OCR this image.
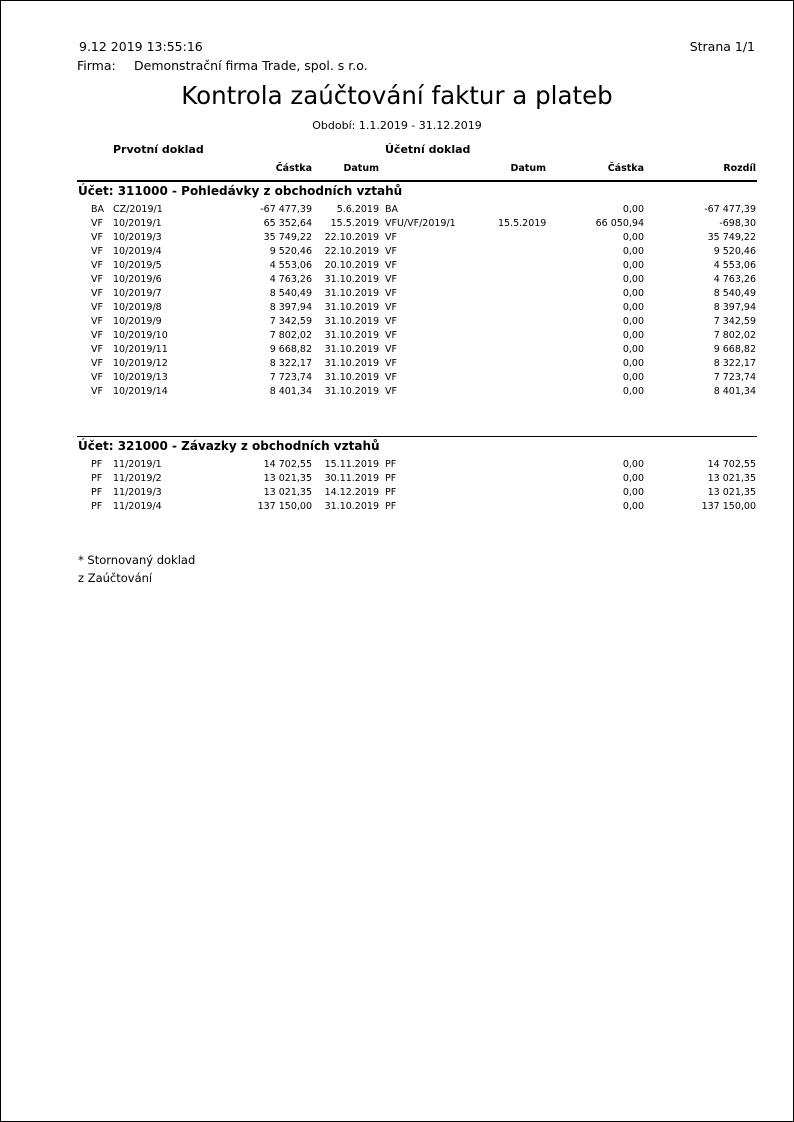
9.12 2019 13:55:16	Strana 1/1
Firma: Demonstrační firma Trade, spol. s r.o.
Kontrola zaúčtování faktur a plateb
Období: 1.1.2019 - 31.12.2019
Prvotní doklad	Účetní doklad
Částka	Datum	Datum	Částka	Rozdíl
Účet: 311000 - Pohledávky z obchodních vztahů
BA CZ/2019/1	-67 477,39	5.6.2019 BA	0,00	-67 477,39
VF 10/2019/1	65 352,64 15.5.2019 VFU/VF/2019/1	15.5.2019	66 050,94	-698,30
VF 10/2019/3	35 749,22 22.10.2019 VF	0,00	35 749,22
VF 10/2019/4	9 520,46 22.10.2019 VF	0,00	9 520,46
VF 10/2019/5	4 553,06 20.10.2019 VF	0,00	4 553,06
VF 10/2019/6	4 763,26 31.10.2019 VF	0,00	4 763,26
VF 10/2019/7	8 540,49 31.10.2019 VF	0,00	8 540,49
VF 10/2019/8	8 397,94 31.10.2019 VF	0,00	8 397,94
VF 10/2019/9	7 342,59 31.10.2019 VF	0,00	7 342,59
VF 10/2019/10	7 802,02 31.10.2019 VF	0,00	7 802,02
VF 10/2019/11	9 668,82 31.10.2019 VF	0,00	9 668,82
VF 10/2019/12	8 322,17 31.10.2019 VF	0,00	8 322,17
VF 10/2019/13	7 723,74 31.10.2019 VF	0,00	7 723,74
VF 10/2019/14	8 401,34 31.10.2019 VF	0,00	8 401,34
Účet: 321000 - Závazky z obchodních vztahů
PF 11/2019/1	14 702,55 15.11.2019 PF	0,00	14 702,55
PF 11/2019/2	13 021,35 30.11.2019 PF	0,00	13 021,35
PF 11/2019/3	13 021,35 14.12.2019 PF	0,00	13 021,35
PF 11/2019/4	137 150,00 31.10.2019 PF	0,00	137 150,00
* Stornovaný doklad
z Zaúčtování
